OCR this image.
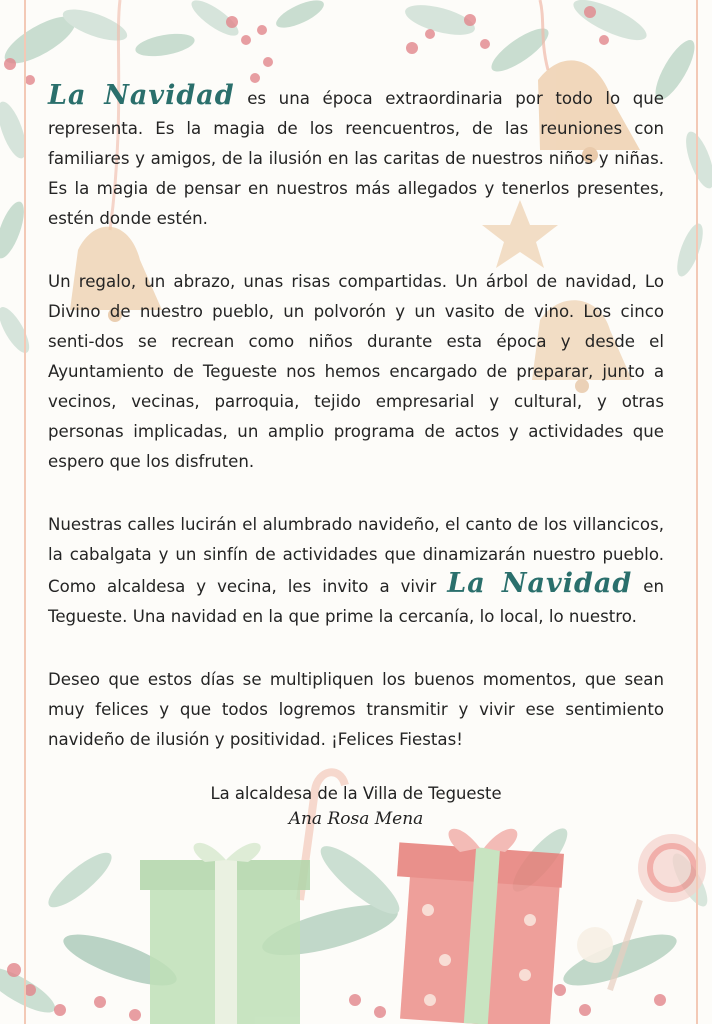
La Navidad es una época extraordinaria por todo lo que representa. Es la magia de los reencuentros, de las reuniones con familiares y amigos, de la ilusión en las caritas de nuestros niños y niñas. Es la magia de pensar en nuestros más allegados y tenerlos presentes, estén donde estén.

Un regalo, un abrazo, unas risas compartidas. Un árbol de navidad, Lo Divino de nuestro pueblo, un polvorón y un vasito de vino. Los cinco senti-dos se recrean como niños durante esta época y desde el Ayuntamiento de Tegueste nos hemos encargado de preparar, junto a vecinos, vecinas, parroquia, tejido empresarial y cultural, y otras personas implicadas, un amplio programa de actos y actividades que espero que los disfruten.

Nuestras calles lucirán el alumbrado navideño, el canto de los villancicos, la cabalgata y un sinfín de actividades que dinamizarán nuestro pueblo. Como alcaldesa y vecina, les invito a vivir La Navidad en Tegueste. Una navidad en la que prime la cercanía, lo local, lo nuestro.

Deseo que estos días se multipliquen los buenos momentos, que sean muy felices y que todos logremos transmitir y vivir ese sentimiento navideño de ilusión y positividad. ¡Felices Fiestas!

La alcaldesa de la Villa de Tegueste
Ana Rosa Mena
